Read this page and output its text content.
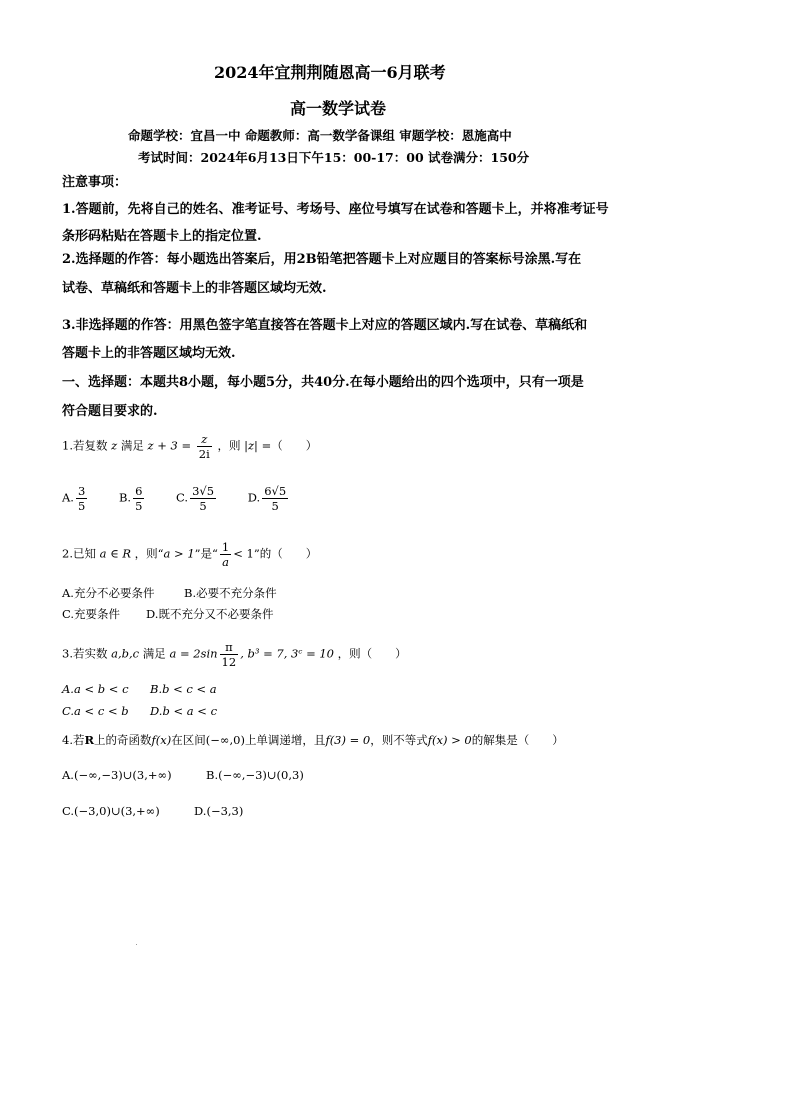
2024年宜荆荆随恩高一6月联考
高一数学试卷
命题学校：宜昌一中 命题教师：高一数学备课组 审题学校：恩施高中
考试时间：2024年6月13日下午15：00-17：00 试卷满分：150分
注意事项：
1.答题前，先将自己的姓名、准考证号、考场号、座位号填写在试卷和答题卡上，并将准考证号
条形码粘贴在答题卡上的指定位置.
2.选择题的作答：每小题选出答案后，用2B铅笔把答题卡上对应题目的答案标号涂黑.写在
试卷、草稿纸和答题卡上的非答题区域均无效.
3.非选择题的作答：用黑色签字笔直接答在答题卡上对应的答题区域内.写在试卷、草稿纸和
答题卡上的非答题区域均无效.
一、选择题：本题共8小题，每小题5分，共40分.在每小题给出的四个选项中，只有一项是
符合题目要求的.
1.若复数 z 满足 $z + 3 = \frac{z}{2i}$ ，则 |z| =（　　）
A. $\frac{3}{5}$	B. $\frac{6}{5}$	C. $\frac{3√5}{5}$	D. $\frac{6√5}{5}$
2.已知 a ∈ R ，则“a > 1”是“ $\frac{1}{a} < 1$”的（　　）
A.充分不必要条件	B.必要不充分条件
C.充要条件 D.既不充分又不必要条件
3.若实数 a,b,c 满足 $a = 2\sin \frac{\pi}{12}$ , b³ = 7, 3ᶜ = 10 ，则（　　）
A.a < b < c B.b < c < a
C.a < c < b D.b < a < c
4.若R上的奇函数f(x)在区间(−∞,0)上单调递增，且f(3) = 0，则不等式f(x) > 0的解集是（　　）
A.(−∞,−3)∪(3,+∞)	B.(−∞,−3)∪(0,3)
C.(−3,0)∪(3,+∞)	D.(−3,3)
